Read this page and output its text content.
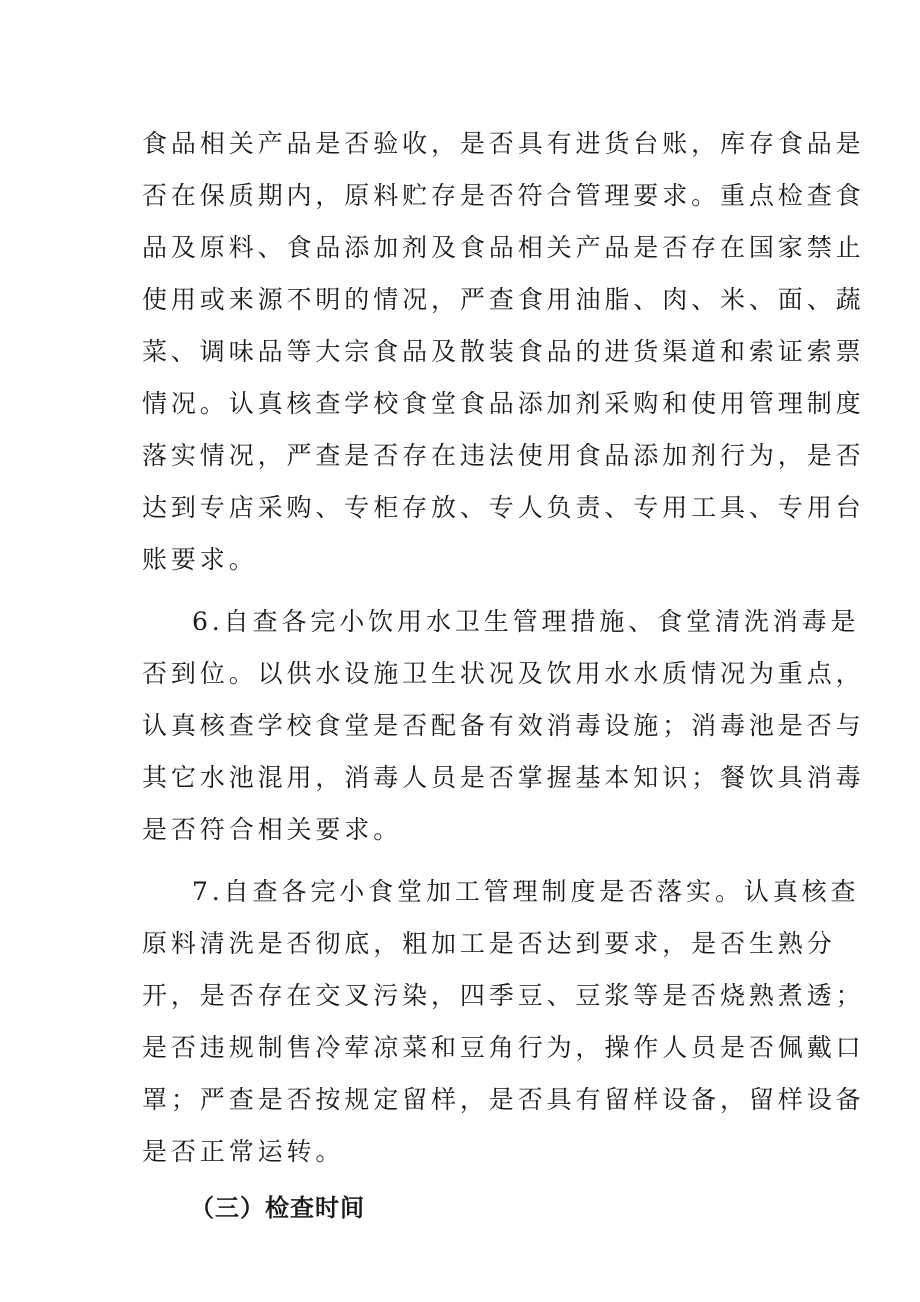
食品相关产品是否验收，是否具有进货台账，库存食品是
否在保质期内，原料贮存是否符合管理要求。重点检查食
品及原料、食品添加剂及食品相关产品是否存在国家禁止
使用或来源不明的情况，严查食用油脂、肉、米、面、蔬
菜、调味品等大宗食品及散装食品的进货渠道和索证索票
情况。认真核查学校食堂食品添加剂采购和使用管理制度
落实情况，严查是否存在违法使用食品添加剂行为，是否
达到专店采购、专柜存放、专人负责、专用工具、专用台
账要求。
6.自查各完小饮用水卫生管理措施、食堂清洗消毒是
否到位。以供水设施卫生状况及饮用水水质情况为重点，
认真核查学校食堂是否配备有效消毒设施；消毒池是否与
其它水池混用，消毒人员是否掌握基本知识；餐饮具消毒
是否符合相关要求。
7.自查各完小食堂加工管理制度是否落实。认真核查
原料清洗是否彻底，粗加工是否达到要求，是否生熟分
开，是否存在交叉污染，四季豆、豆浆等是否烧熟煮透；
是否违规制售冷荤凉菜和豆角行为，操作人员是否佩戴口
罩；严查是否按规定留样，是否具有留样设备，留样设备
是否正常运转。
（三）检查时间
